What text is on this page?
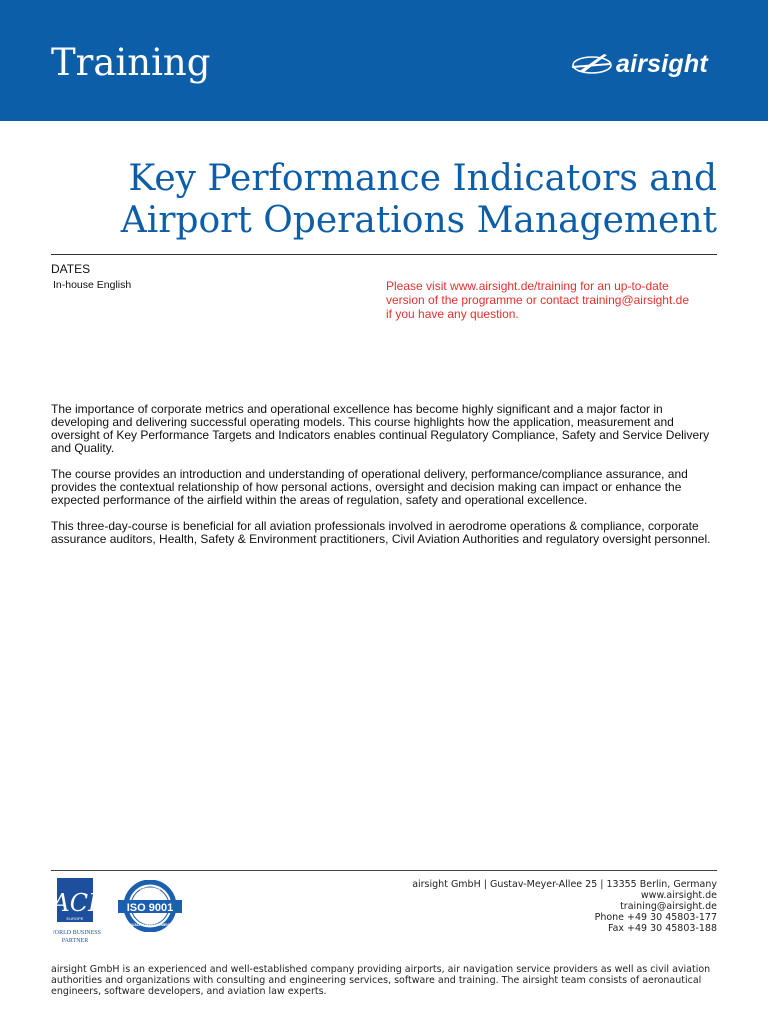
Training	airsight
Key Performance Indicators and
Airport Operations Management
DATES
In-house English	Please visit www.airsight.de/training for an up-to-date
version of the programme or contact training@airsight.de
if you have any question.

The importance of corporate metrics and operational excellence has become highly significant and a major factor in developing and delivering successful operating models. This course highlights how the application, measurement and oversight of Key Performance Targets and Indicators enables continual Regulatory Compliance, Safety and Service Delivery and Quality.

The course provides an introduction and understanding of operational delivery, performance/compliance assurance, and provides the contextual relationship of how personal actions, oversight and decision making can impact or enhance the expected performance of the airfield within the areas of regulation, safety and operational excellence.

This three-day-course is beneficial for all aviation professionals involved in aerodrome operations & compliance, corporate assurance auditors, Health, Safety & Environment practitioners, Civil Aviation Authorities and regulatory oversight personnel.

ACI
EUROPE
WORLD BUSINESS
PARTNER
CERTIFIED
ISO 9001
QUALITY MANAGEMENT
airsight GmbH | Gustav-Meyer-Allee 25 | 13355 Berlin, Germany
www.airsight.de
training@airsight.de
Phone +49 30 45803-177
Fax +49 30 45803-188
airsight GmbH is an experienced and well-established company providing airports, air navigation service providers as well as civil aviation authorities and organizations with consulting and engineering services, software and training. The airsight team consists of aeronautical engineers, software developers, and aviation law experts.
